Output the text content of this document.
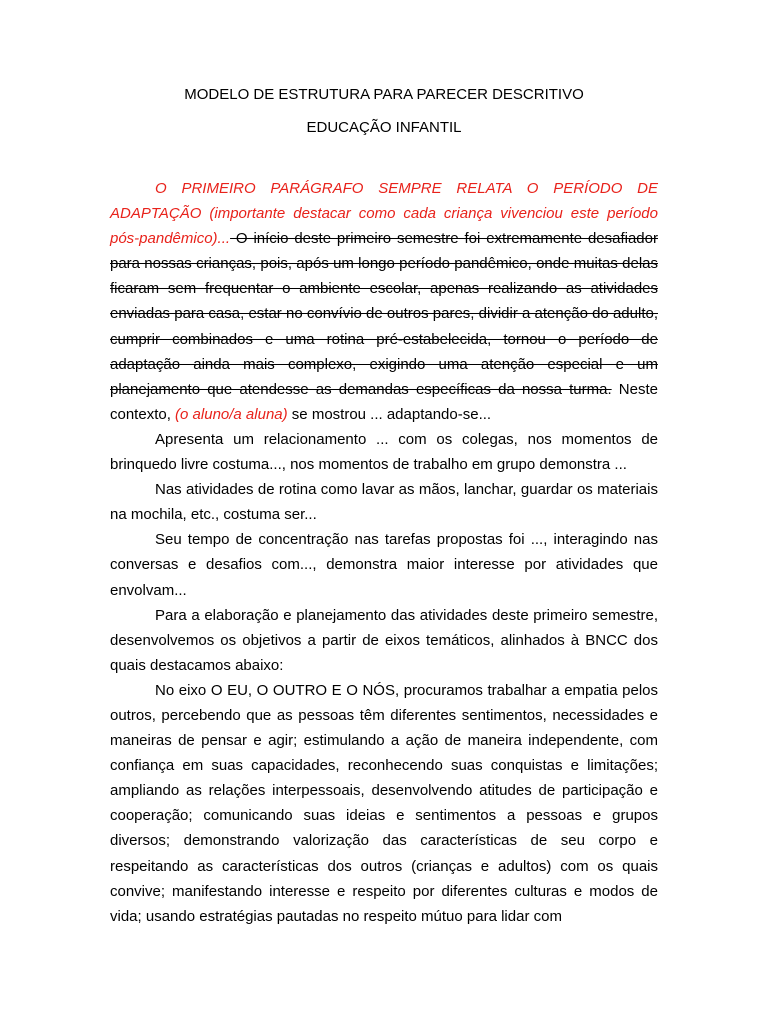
MODELO DE ESTRUTURA PARA PARECER DESCRITIVO
EDUCAÇÃO INFANTIL

O PRIMEIRO PARÁGRAFO SEMPRE RELATA O PERÍODO DE ADAPTAÇÃO (importante destacar como cada criança vivenciou este período pós-pandêmico)... O início deste primeiro semestre foi extremamente desafiador para nossas crianças, pois, após um longo período pandêmico, onde muitas delas ficaram sem frequentar o ambiente escolar, apenas realizando as atividades enviadas para casa, estar no convívio de outros pares, dividir a atenção do adulto, cumprir combinados e uma rotina pré-estabelecida, tornou o período de adaptação ainda mais complexo, exigindo uma atenção especial e um planejamento que atendesse as demandas específicas da nossa turma. Neste contexto, (o aluno/a aluna) se mostrou ... adaptando-se...

Apresenta um relacionamento ... com os colegas, nos momentos de brinquedo livre costuma..., nos momentos de trabalho em grupo demonstra ...

Nas atividades de rotina como lavar as mãos, lanchar, guardar os materiais na mochila, etc., costuma ser...

Seu tempo de concentração nas tarefas propostas foi ..., interagindo nas conversas e desafios com..., demonstra maior interesse por atividades que envolvam...

Para a elaboração e planejamento das atividades deste primeiro semestre, desenvolvemos os objetivos a partir de eixos temáticos, alinhados à BNCC dos quais destacamos abaixo:

No eixo O EU, O OUTRO E O NÓS, procuramos trabalhar a empatia pelos outros, percebendo que as pessoas têm diferentes sentimentos, necessidades e maneiras de pensar e agir; estimulando a ação de maneira independente, com confiança em suas capacidades, reconhecendo suas conquistas e limitações; ampliando as relações interpessoais, desenvolvendo atitudes de participação e cooperação; comunicando suas ideias e sentimentos a pessoas e grupos diversos; demonstrando valorização das características de seu corpo e respeitando as características dos outros (crianças e adultos) com os quais convive; manifestando interesse e respeito por diferentes culturas e modos de vida; usando estratégias pautadas no respeito mútuo para lidar com
